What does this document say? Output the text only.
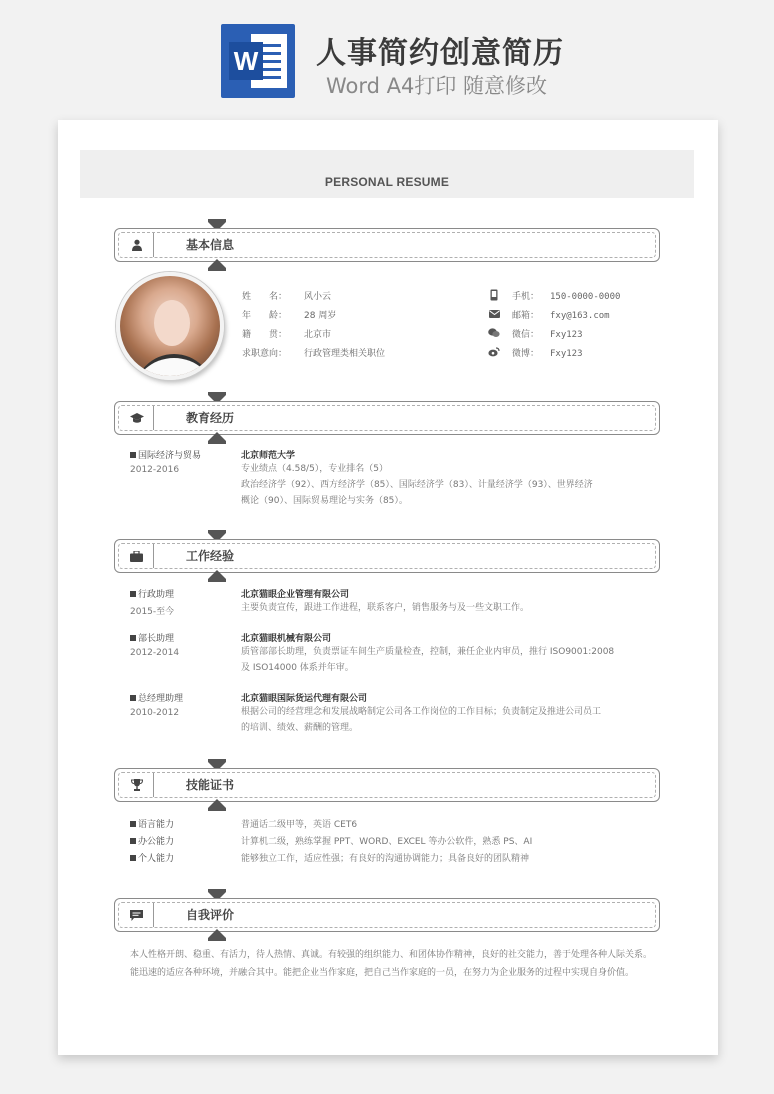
W 人事简约创意简历
Word A4打印 随意修改
PERSONAL RESUME
基本信息
姓　　名： 风小云
年　　龄： 28 周岁
籍　　贯： 北京市
求职意向： 行政管理类相关职位
手机： 150-0000-0000
邮箱： fxy@163.com
微信： Fxy123
微博： Fxy123
教育经历
国际经济与贸易
2012-2016
北京师范大学
专业绩点（4.58/5），专业排名（5）
政治经济学（92）、西方经济学（85）、国际经济学（83）、计量经济学（93）、世界经济
概论（90）、国际贸易理论与实务（85）。
工作经验
行政助理
2015-至今
北京猫眼企业管理有限公司
主要负责宣传，跟进工作进程，联系客户，销售服务与及一些文职工作。
部长助理
2012-2014
北京猫眼机械有限公司
质管部部长助理，负责票证车间生产质量检查，控制，兼任企业内审员，推行 ISO9001:2008
及 ISO14000 体系并年审。
总经理助理
2010-2012
北京猫眼国际货运代理有限公司
根据公司的经营理念和发展战略制定公司各工作岗位的工作目标；负责制定及推进公司员工
的培训、绩效、薪酬的管理。
技能证书
语言能力	普通话二级甲等，英语 CET6
办公能力	计算机二级，熟练掌握 PPT、WORD、EXCEL 等办公软件，熟悉 PS、AI
个人能力	能够独立工作，适应性强；有良好的沟通协调能力；具备良好的团队精神
自我评价
本人性格开朗、稳重、有活力，待人热情、真诚。有较强的组织能力、和团体协作精神，良好的社交能力，善于处理各种人际关系。能迅速的适应各种环境，并融合其中。能把企业当作家庭，把自己当作家庭的一员，在努力为企业服务的过程中实现自身价值。
